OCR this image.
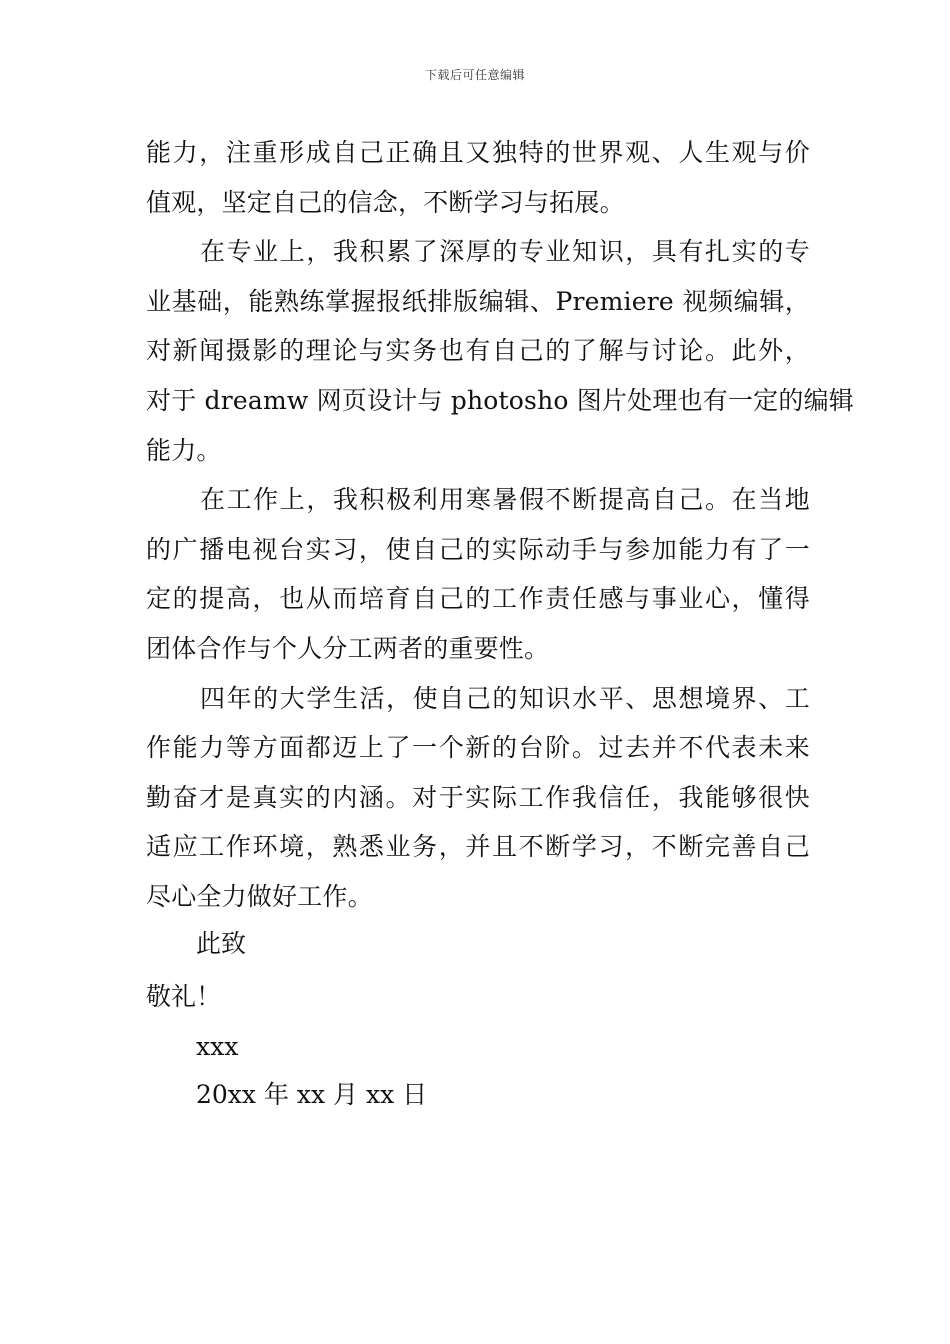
下载后可任意编辑
能力，注重形成自己正确且又独特的世界观、人生观与价
值观，坚定自己的信念，不断学习与拓展。
在专业上，我积累了深厚的专业知识，具有扎实的专
业基础，能熟练掌握报纸排版编辑、Premiere 视频编辑，
对新闻摄影的理论与实务也有自己的了解与讨论。此外，
对于 dreamw 网页设计与 photosho 图片处理也有一定的编辑
能力。
在工作上，我积极利用寒暑假不断提高自己。在当地
的广播电视台实习，使自己的实际动手与参加能力有了一
定的提高，也从而培育自己的工作责任感与事业心，懂得
团体合作与个人分工两者的重要性。
四年的大学生活，使自己的知识水平、思想境界、工
作能力等方面都迈上了一个新的台阶。过去并不代表未来
勤奋才是真实的内涵。对于实际工作我信任，我能够很快
适应工作环境，熟悉业务，并且不断学习，不断完善自己
尽心全力做好工作。
此致
敬礼！
xxx
20xx 年 xx 月 xx 日
